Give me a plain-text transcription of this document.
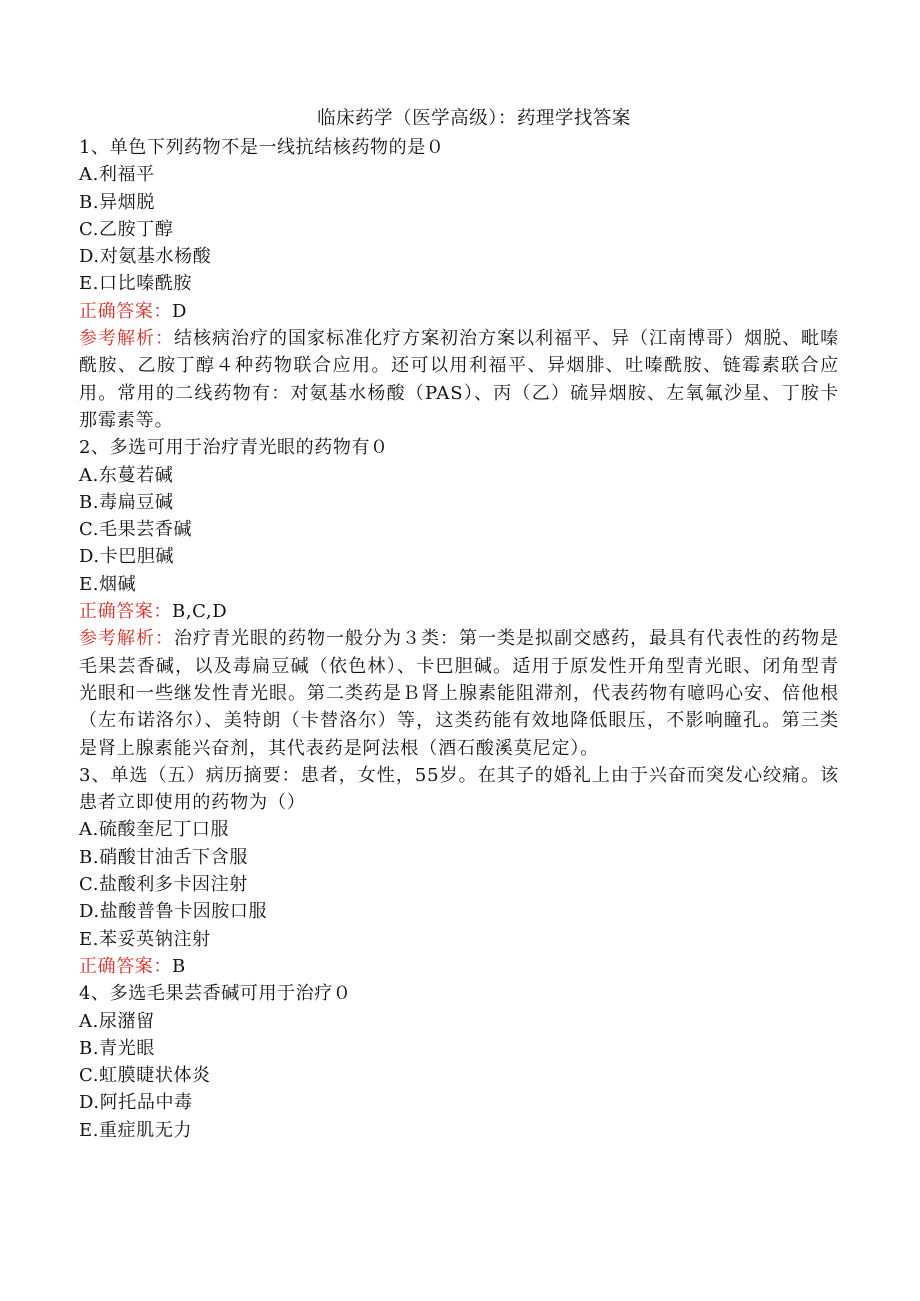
临床药学（医学高级）：药理学找答案
1、单色下列药物不是一线抗结核药物的是０
A.利福平
B.异烟脱
C.乙胺丁醇
D.对氨基水杨酸
E.口比嗪酰胺
正确答案：D
参考解析：结核病治疗的国家标准化疗方案初治方案以利福平、异（江南博哥）烟脱、毗嗪酰胺、乙胺丁醇４种药物联合应用。还可以用利福平、异烟腓、吐嗪酰胺、链霉素联合应用。常用的二线药物有：对氨基水杨酸（PAS）、丙（乙）硫异烟胺、左氧氟沙星、丁胺卡那霉素等。
2、多选可用于治疗青光眼的药物有０
A.东蔓若碱
B.毒扁豆碱
C.毛果芸香碱
D.卡巴胆碱
E.烟碱
正确答案：B,C,D
参考解析：治疗青光眼的药物一般分为３类：第一类是拟副交感药，最具有代表性的药物是毛果芸香碱，以及毒扁豆碱（依色林）、卡巴胆碱。适用于原发性开角型青光眼、闭角型青光眼和一些继发性青光眼。第二类药是Ｂ肾上腺素能阻滞剂，代表药物有噫吗心安、倍他根（左布诺洛尔）、美特朗（卡替洛尔）等，这类药能有效地降低眼压，不影响瞳孔。第三类是肾上腺素能兴奋剂，其代表药是阿法根（酒石酸溪莫尼定）。
3、单选（五）病历摘要：患者，女性，55岁。在其子的婚礼上由于兴奋而突发心绞痛。该患者立即使用的药物为（）
A.硫酸奎尼丁口服
B.硝酸甘油舌下含服
C.盐酸利多卡因注射
D.盐酸普鲁卡因胺口服
E.苯妥英钠注射
正确答案：B
4、多选毛果芸香碱可用于治疗０
A.尿潴留
B.青光眼
C.虹膜睫状体炎
D.阿托品中毒
E.重症肌无力
